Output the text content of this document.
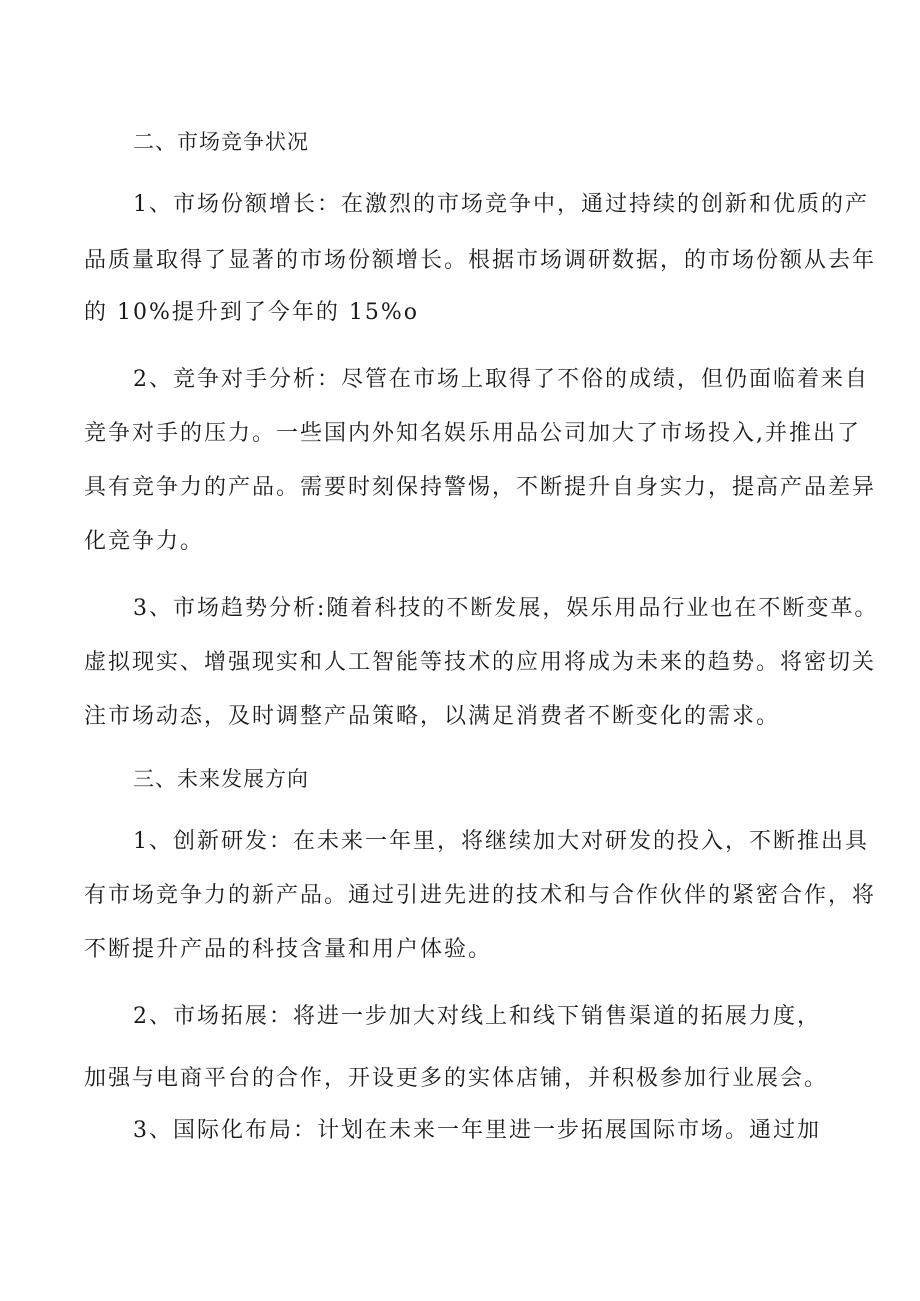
二、市场竞争状况
1、市场份额增长：在激烈的市场竞争中，通过持续的创新和优质的产
品质量取得了显著的市场份额增长。根据市场调研数据，的市场份额从去年
的 10%提升到了今年的 15%o
2、竞争对手分析：尽管在市场上取得了不俗的成绩，但仍面临着来自
竞争对手的压力。一些国内外知名娱乐用品公司加大了市场投入,并推出了
具有竞争力的产品。需要时刻保持警惕，不断提升自身实力，提高产品差异
化竞争力。
3、市场趋势分析:随着科技的不断发展，娱乐用品行业也在不断变革。
虚拟现实、增强现实和人工智能等技术的应用将成为未来的趋势。将密切关
注市场动态，及时调整产品策略，以满足消费者不断变化的需求。
三、未来发展方向
1、创新研发：在未来一年里，将继续加大对研发的投入，不断推出具
有市场竞争力的新产品。通过引进先进的技术和与合作伙伴的紧密合作，将
不断提升产品的科技含量和用户体验。
2、市场拓展：将进一步加大对线上和线下销售渠道的拓展力度，
加强与电商平台的合作，开设更多的实体店铺，并积极参加行业展会。
3、国际化布局：计划在未来一年里进一步拓展国际市场。通过加
